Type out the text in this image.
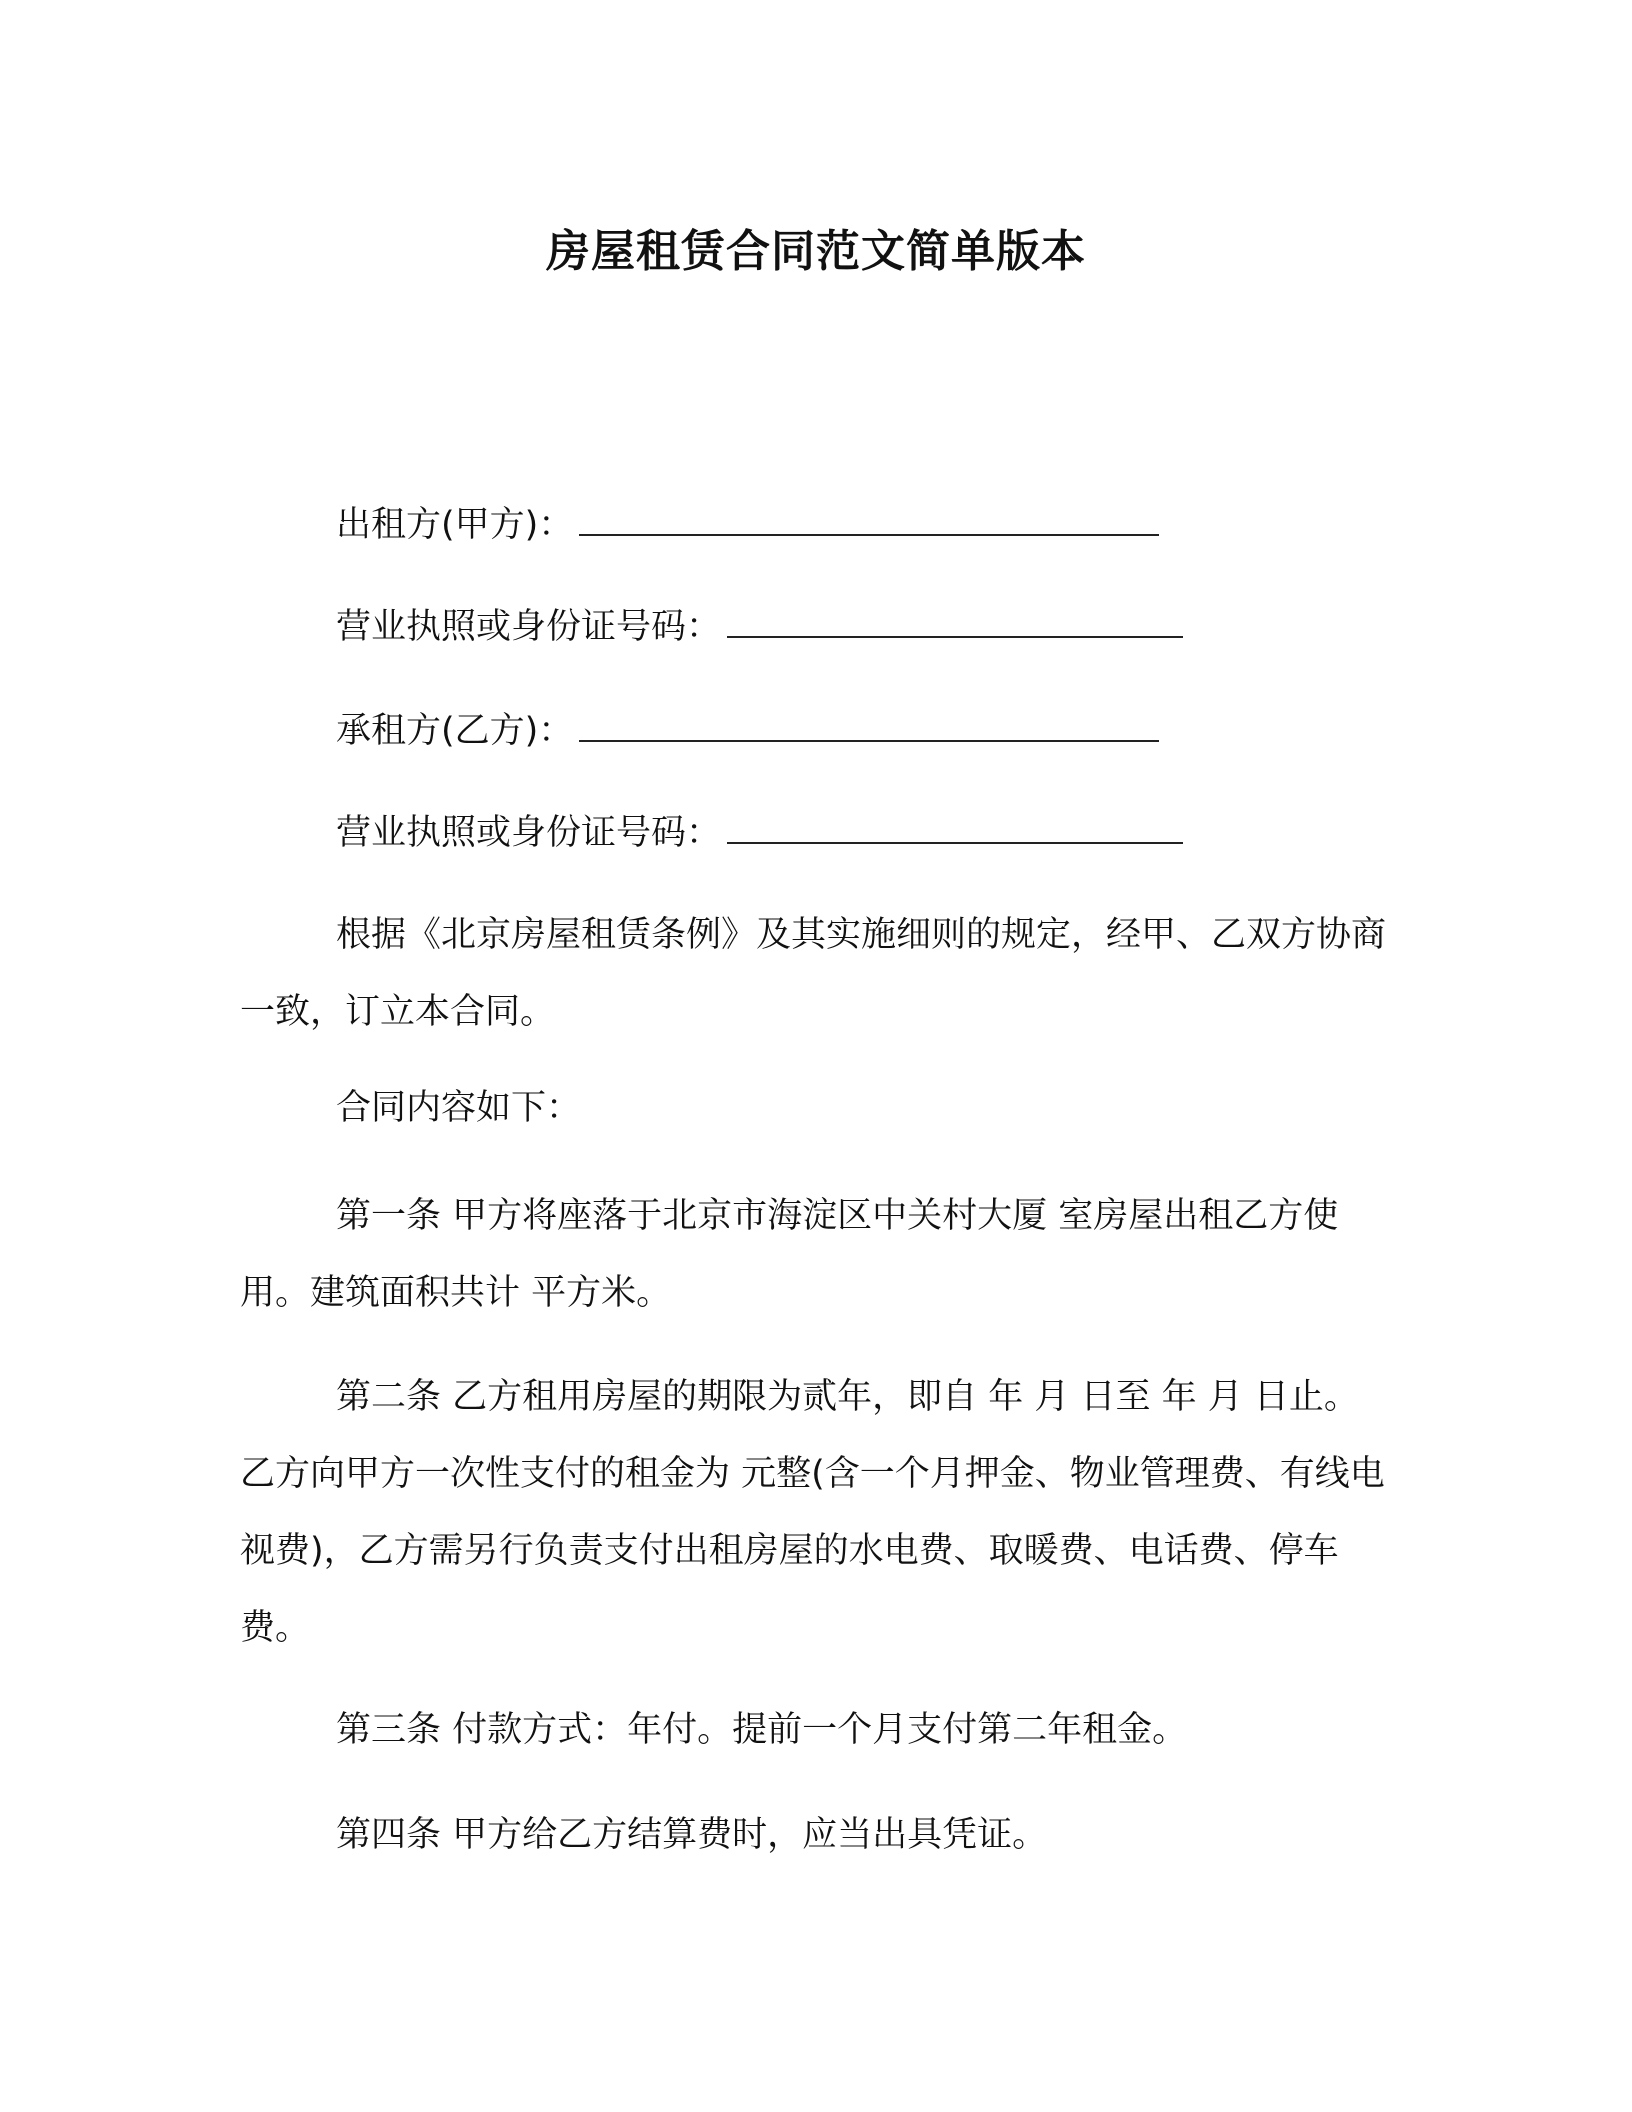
房屋租赁合同范文简单版本
出租方(甲方)：
营业执照或身份证号码：
承租方(乙方)：
营业执照或身份证号码：

根据《北京房屋租赁条例》及其实施细则的规定，经甲、乙双方协商一致，订立本合同。

合同内容如下：

第一条 甲方将座落于北京市海淀区中关村大厦 室房屋出租乙方使用。建筑面积共计 平方米。

第二条 乙方租用房屋的期限为贰年，即自 年 月 日至 年 月 日止。乙方向甲方一次性支付的租金为 元整(含一个月押金、物业管理费、有线电视费)，乙方需另行负责支付出租房屋的水电费、取暖费、电话费、停车费。

第三条 付款方式：年付。提前一个月支付第二年租金。

第四条 甲方给乙方结算费时，应当出具凭证。
